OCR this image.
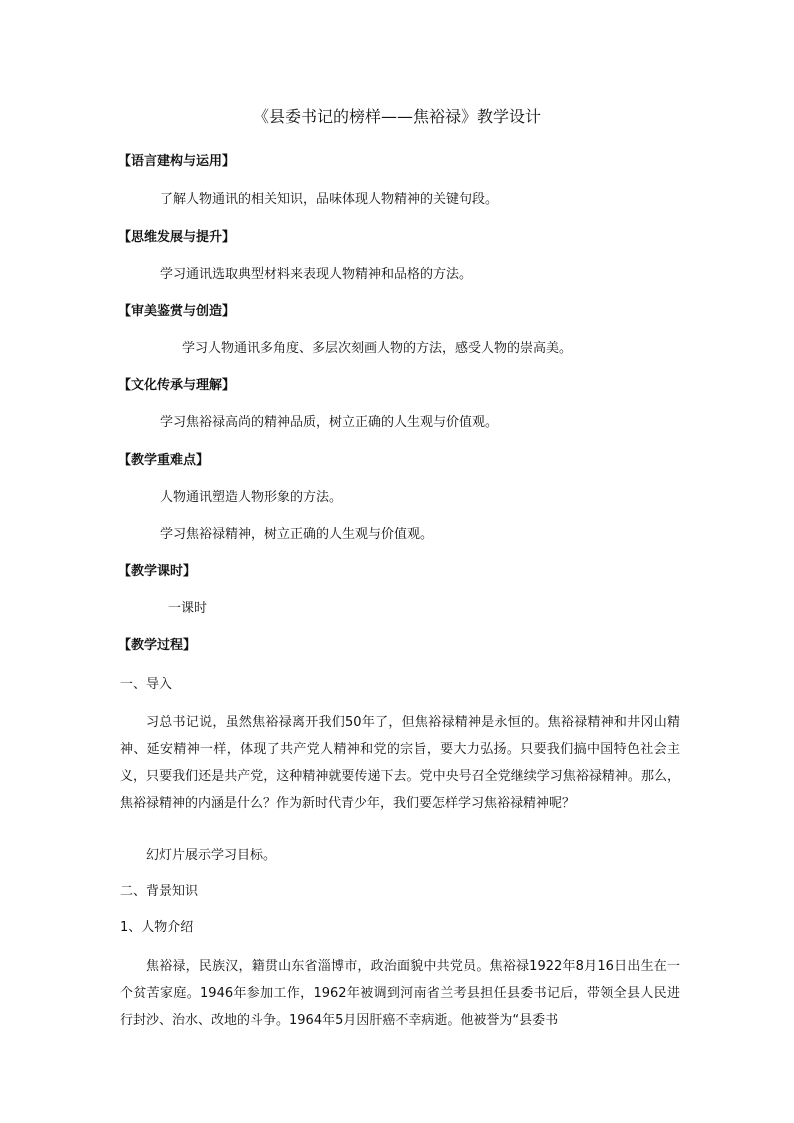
《县委书记的榜样——焦裕禄》教学设计
【语言建构与运用】
了解人物通讯的相关知识，品味体现人物精神的关键句段。
【思维发展与提升】
学习通讯选取典型材料来表现人物精神和品格的方法。
【审美鉴赏与创造】
学习人物通讯多角度、多层次刻画人物的方法，感受人物的崇高美。
【文化传承与理解】
学习焦裕禄高尚的精神品质，树立正确的人生观与价值观。
【教学重难点】
人物通讯塑造人物形象的方法。
学习焦裕禄精神，树立正确的人生观与价值观。
【教学课时】
一课时
【教学过程】
一、导入

习总书记说，虽然焦裕禄离开我们50年了，但焦裕禄精神是永恒的。焦裕禄精神和井冈山精神、延安精神一样，体现了共产党人精神和党的宗旨，要大力弘扬。只要我们搞中国特色社会主义，只要我们还是共产党，这种精神就要传递下去。党中央号召全党继续学习焦裕禄精神。那么，焦裕禄精神的内涵是什么？作为新时代青少年，我们要怎样学习焦裕禄精神呢？

幻灯片展示学习目标。
二、背景知识
1、人物介绍

焦裕禄，民族汉，籍贯山东省淄博市，政治面貌中共党员。焦裕禄1922年8月16日出生在一个贫苦家庭。1946年参加工作，1962年被调到河南省兰考县担任县委书记后，带领全县人民进行封沙、治水、改地的斗争。1964年5月因肝癌不幸病逝。他被誉为“县委书
